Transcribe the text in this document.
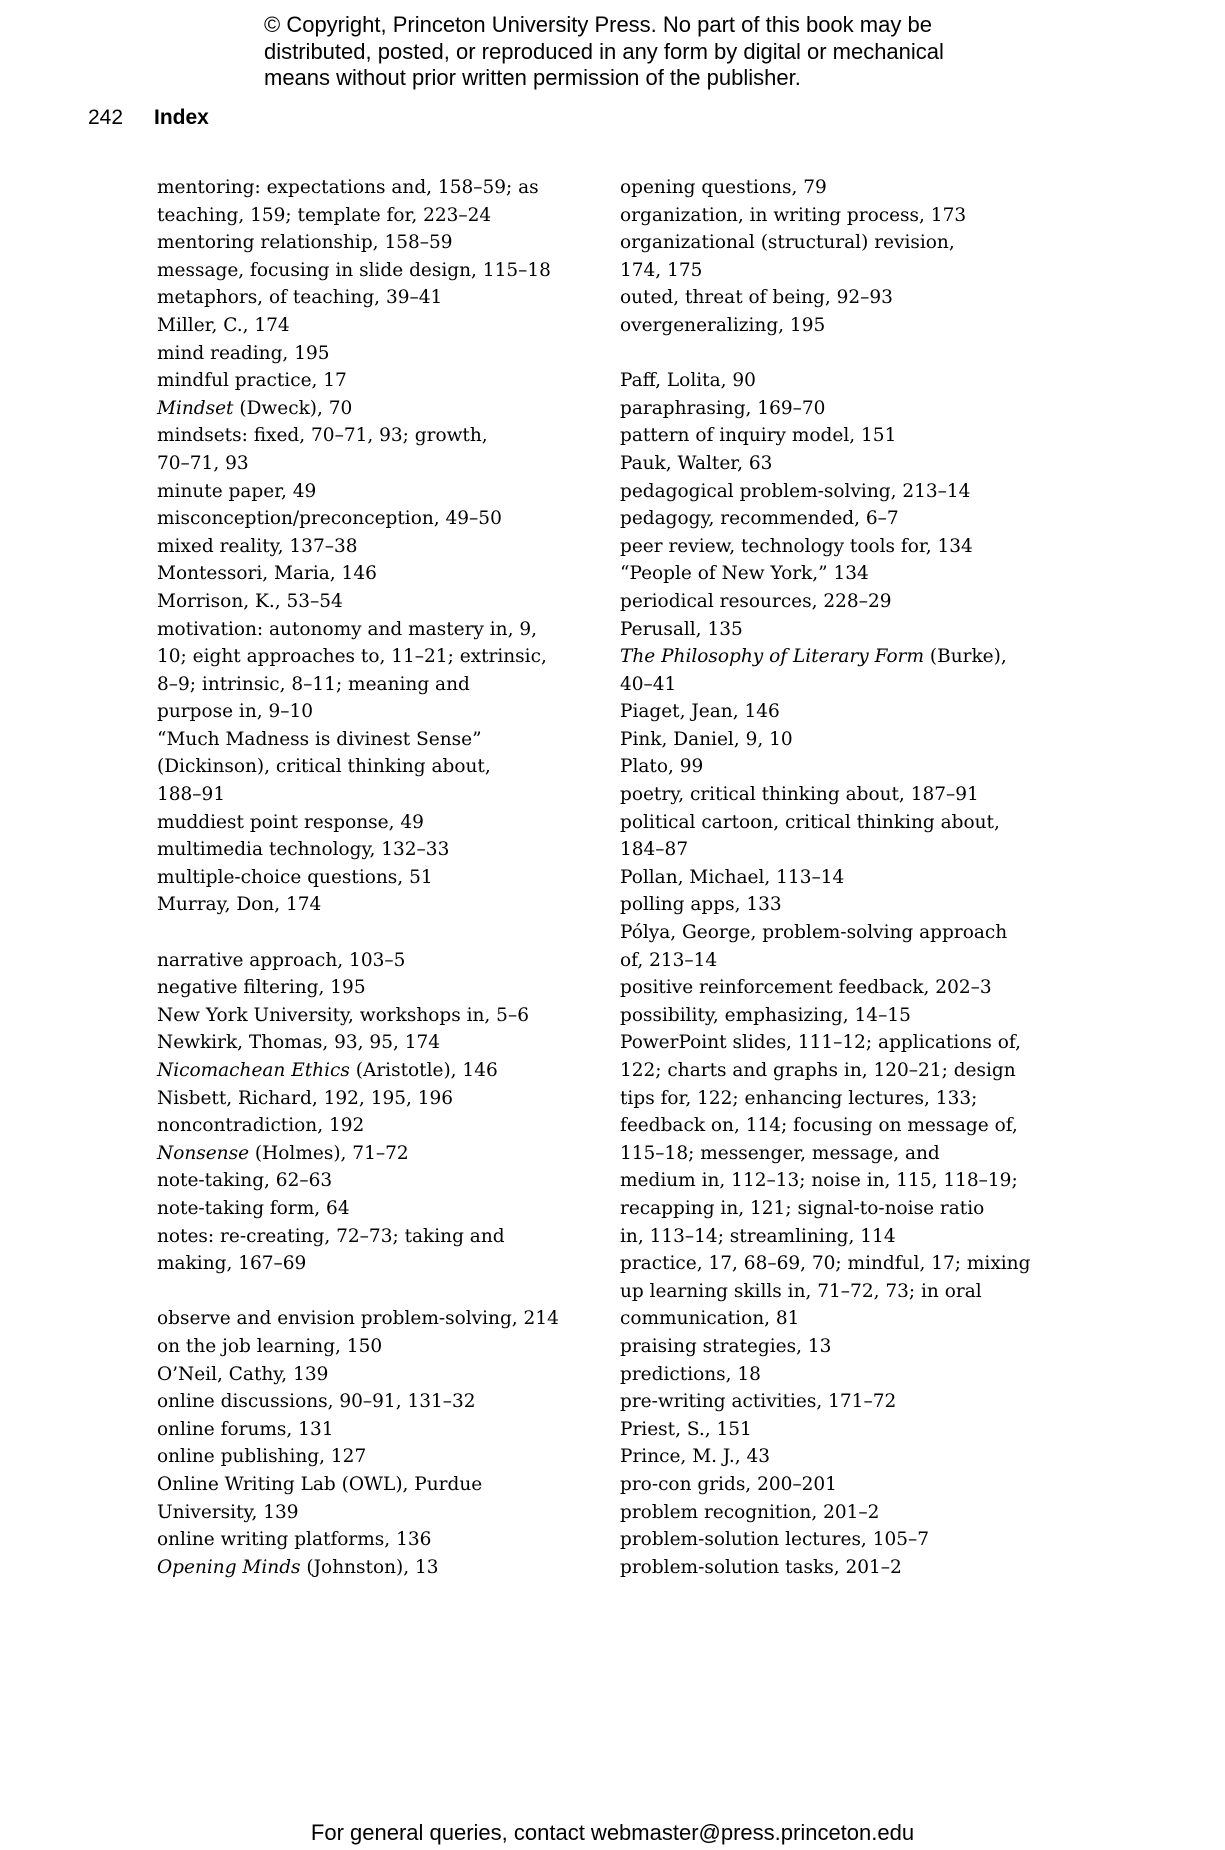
© Copyright, Princeton University Press. No part of this book may be
distributed, posted, or reproduced in any form by digital or mechanical
means without prior written permission of the publisher.
242 Index
mentoring: expectations and, 158–59; as
teaching, 159; template for, 223–24
mentoring relationship, 158–59
message, focusing in slide design, 115–18
metaphors, of teaching, 39–41
Miller, C., 174
mind reading, 195
mindful practice, 17
Mindset (Dweck), 70
mindsets: fixed, 70–71, 93; growth,
70–71, 93
minute paper, 49
misconception/preconception, 49–50
mixed reality, 137–38
Montessori, Maria, 146
Morrison, K., 53–54
motivation: autonomy and mastery in, 9,
10; eight approaches to, 11–21; extrinsic,
8–9; intrinsic, 8–11; meaning and
purpose in, 9–10
“Much Madness is divinest Sense”
(Dickinson), critical thinking about,
188–91
muddiest point response, 49
multimedia technology, 132–33
multiple-choice questions, 51
Murray, Don, 174
narrative approach, 103–5
negative filtering, 195
New York University, workshops in, 5–6
Newkirk, Thomas, 93, 95, 174
Nicomachean Ethics (Aristotle), 146
Nisbett, Richard, 192, 195, 196
noncontradiction, 192
Nonsense (Holmes), 71–72
note-taking, 62–63
note-taking form, 64
notes: re-creating, 72–73; taking and
making, 167–69
observe and envision problem-solving, 214
on the job learning, 150
O’Neil, Cathy, 139
online discussions, 90–91, 131–32
online forums, 131
online publishing, 127
Online Writing Lab (OWL), Purdue
University, 139
online writing platforms, 136
Opening Minds (Johnston), 13
opening questions, 79
organization, in writing process, 173
organizational (structural) revision,
174, 175
outed, threat of being, 92–93
overgeneralizing, 195
Paff, Lolita, 90
paraphrasing, 169–70
pattern of inquiry model, 151
Pauk, Walter, 63
pedagogical problem-solving, 213–14
pedagogy, recommended, 6–7
peer review, technology tools for, 134
“People of New York,” 134
periodical resources, 228–29
Perusall, 135
The Philosophy of Literary Form (Burke),
40–41
Piaget, Jean, 146
Pink, Daniel, 9, 10
Plato, 99
poetry, critical thinking about, 187–91
political cartoon, critical thinking about,
184–87
Pollan, Michael, 113–14
polling apps, 133
Pólya, George, problem-solving approach
of, 213–14
positive reinforcement feedback, 202–3
possibility, emphasizing, 14–15
PowerPoint slides, 111–12; applications of,
122; charts and graphs in, 120–21; design
tips for, 122; enhancing lectures, 133;
feedback on, 114; focusing on message of,
115–18; messenger, message, and
medium in, 112–13; noise in, 115, 118–19;
recapping in, 121; signal-to-noise ratio
in, 113–14; streamlining, 114
practice, 17, 68–69, 70; mindful, 17; mixing
up learning skills in, 71–72, 73; in oral
communication, 81
praising strategies, 13
predictions, 18
pre-writing activities, 171–72
Priest, S., 151
Prince, M. J., 43
pro-con grids, 200–201
problem recognition, 201–2
problem-solution lectures, 105–7
problem-solution tasks, 201–2
For general queries, contact webmaster@press.princeton.edu
